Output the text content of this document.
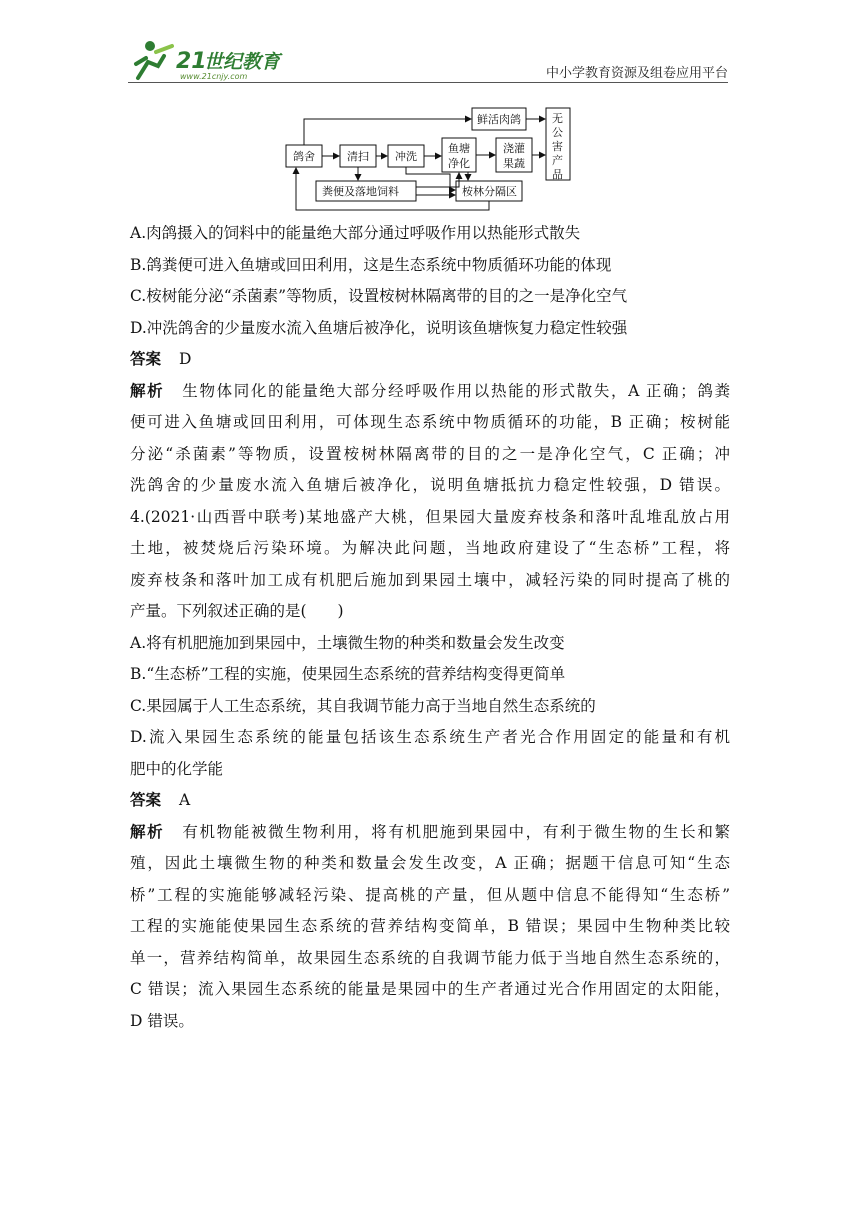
21
世纪教育
www.21cnjy.com	中小学教育资源及组卷应用平台
鸽舍	清扫 冲洗
鱼塘
净化
浇灌
果蔬
鲜活肉鸽	无
公
害
产
品
粪便及落地饲料	桉林分隔区
A.肉鸽摄入的饲料中的能量绝大部分通过呼吸作用以热能形式散失
B.鸽粪便可进入鱼塘或回田利用，这是生态系统中物质循环功能的体现
C.桉树能分泌“杀菌素”等物质，设置桉树林隔离带的目的之一是净化空气
D.冲洗鸽舍的少量废水流入鱼塘后被净化，说明该鱼塘恢复力稳定性较强
答案 D
解析 生物体同化的能量绝大部分经呼吸作用以热能的形式散失，A 正确；鸽粪
便可进入鱼塘或回田利用，可体现生态系统中物质循环的功能，B 正确；桉树能
分泌“杀菌素”等物质，设置桉树林隔离带的目的之一是净化空气，C 正确；冲
洗鸽舍的少量废水流入鱼塘后被净化，说明鱼塘抵抗力稳定性较强，D 错误。
4.(2021·山西晋中联考)某地盛产大桃，但果园大量废弃枝条和落叶乱堆乱放占用
土地，被焚烧后污染环境。为解决此问题，当地政府建设了“生态桥”工程，将
废弃枝条和落叶加工成有机肥后施加到果园土壤中，减轻污染的同时提高了桃的
产量。下列叙述正确的是(　　)
A.将有机肥施加到果园中，土壤微生物的种类和数量会发生改变
B.“生态桥”工程的实施，使果园生态系统的营养结构变得更简单
C.果园属于人工生态系统，其自我调节能力高于当地自然生态系统的
D.流入果园生态系统的能量包括该生态系统生产者光合作用固定的能量和有机
肥中的化学能
答案 A
解析 有机物能被微生物利用，将有机肥施到果园中，有利于微生物的生长和繁
殖，因此土壤微生物的种类和数量会发生改变，A 正确；据题干信息可知“生态
桥”工程的实施能够减轻污染、提高桃的产量，但从题中信息不能得知“生态桥”
工程的实施能使果园生态系统的营养结构变简单，B 错误；果园中生物种类比较
单一，营养结构简单，故果园生态系统的自我调节能力低于当地自然生态系统的，
C 错误；流入果园生态系统的能量是果园中的生产者通过光合作用固定的太阳能，
D 错误。
